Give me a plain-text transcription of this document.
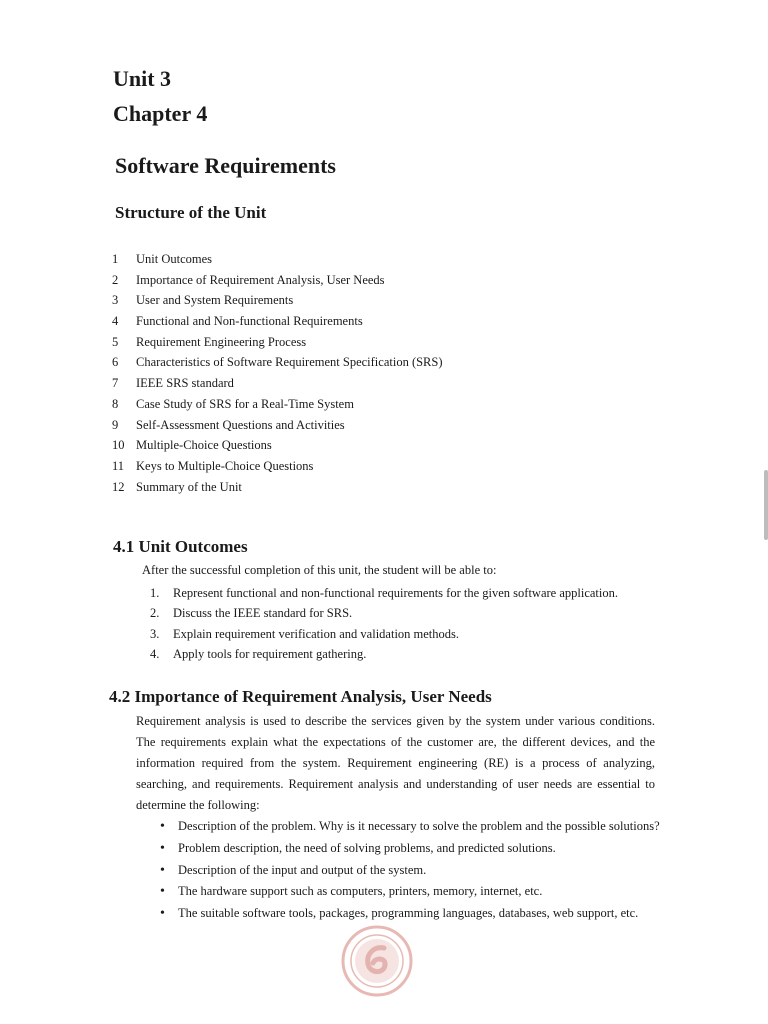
Unit 3
Chapter 4
Software Requirements
Structure of the Unit
1 Unit Outcomes
2 Importance of Requirement Analysis, User Needs
3 User and System Requirements
4 Functional and Non-functional Requirements
5 Requirement Engineering Process
6 Characteristics of Software Requirement Specification (SRS)
7 IEEE SRS standard
8 Case Study of SRS for a Real-Time System
9 Self-Assessment Questions and Activities
10 Multiple-Choice Questions
11 Keys to Multiple-Choice Questions
12 Summary of the Unit
4.1 Unit Outcomes
After the successful completion of this unit, the student will be able to:
1. Represent functional and non-functional requirements for the given software application.
2. Discuss the IEEE standard for SRS.
3. Explain requirement verification and validation methods.
4. Apply tools for requirement gathering.
4.2 Importance of Requirement Analysis, User Needs
Requirement analysis is used to describe the services given by the system under various conditions.
The requirements explain what the expectations of the customer are, the different devices, and the
information required from the system. Requirement engineering (RE) is a process of analyzing,
searching, and requirements. Requirement analysis and understanding of user needs are essential to
determine the following:
• Description of the problem. Why is it necessary to solve the problem and the possible solutions?
• Problem description, the need of solving problems, and predicted solutions.
• Description of the input and output of the system.
• The hardware support such as computers, printers, memory, internet, etc.
• The suitable software tools, packages, programming languages, databases, web support, etc.
